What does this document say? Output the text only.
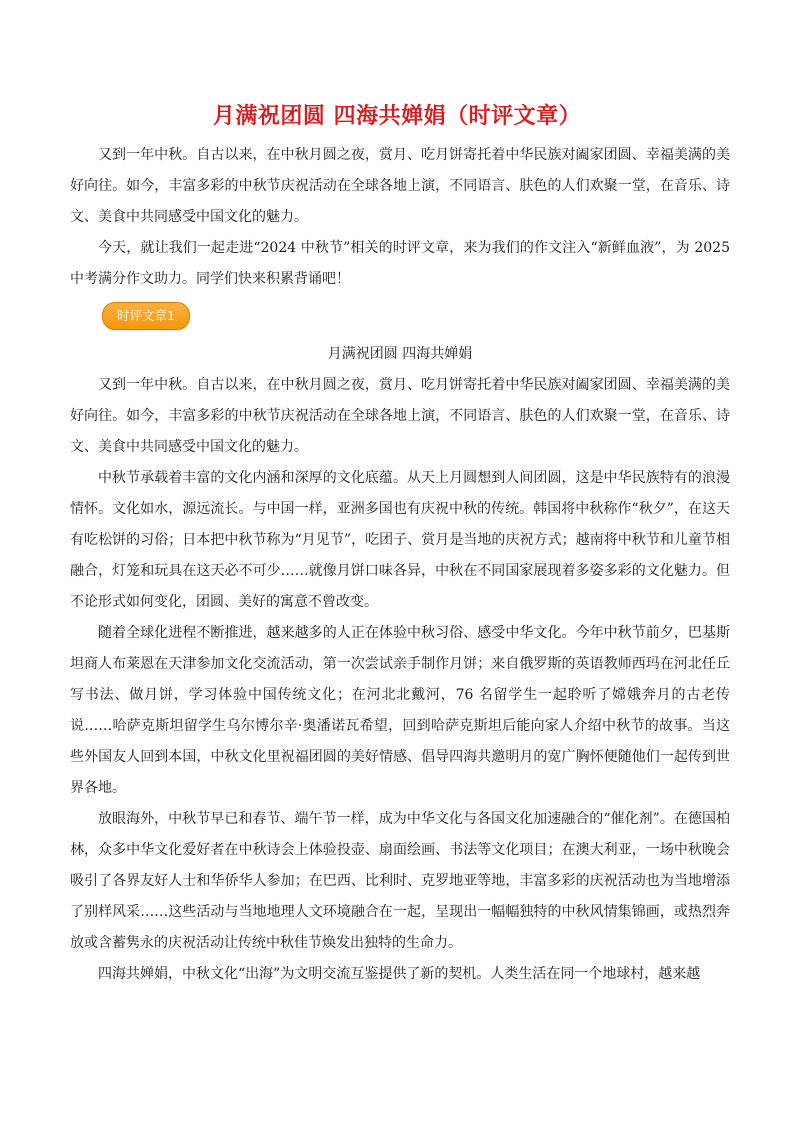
月满祝团圆 四海共婵娟（时评文章）

又到一年中秋。自古以来，在中秋月圆之夜，赏月、吃月饼寄托着中华民族对阖家团圆、幸福美满的美好向往。如今，丰富多彩的中秋节庆祝活动在全球各地上演，不同语言、肤色的人们欢聚一堂，在音乐、诗文、美食中共同感受中国文化的魅力。

今天，就让我们一起走进“2024 中秋节”相关的时评文章，来为我们的作文注入“新鲜血液”，为 2025 中考满分作文助力。同学们快来积累背诵吧！

时评文章1

月满祝团圆 四海共婵娟

又到一年中秋。自古以来，在中秋月圆之夜，赏月、吃月饼寄托着中华民族对阖家团圆、幸福美满的美好向往。如今，丰富多彩的中秋节庆祝活动在全球各地上演，不同语言、肤色的人们欢聚一堂，在音乐、诗文、美食中共同感受中国文化的魅力。

中秋节承载着丰富的文化内涵和深厚的文化底蕴。从天上月圆想到人间团圆，这是中华民族特有的浪漫情怀。文化如水，源远流长。与中国一样，亚洲多国也有庆祝中秋的传统。韩国将中秋称作“秋夕”，在这天有吃松饼的习俗；日本把中秋节称为“月见节”，吃团子、赏月是当地的庆祝方式；越南将中秋节和儿童节相融合，灯笼和玩具在这天必不可少……就像月饼口味各异，中秋在不同国家展现着多姿多彩的文化魅力。但不论形式如何变化，团圆、美好的寓意不曾改变。

随着全球化进程不断推进，越来越多的人正在体验中秋习俗、感受中华文化。今年中秋节前夕，巴基斯坦商人布莱恩在天津参加文化交流活动，第一次尝试亲手制作月饼；来自俄罗斯的英语教师西玛在河北任丘写书法、做月饼，学习体验中国传统文化；在河北北戴河，76 名留学生一起聆听了嫦娥奔月的古老传说……哈萨克斯坦留学生乌尔博尔辛·奥潘诺瓦希望，回到哈萨克斯坦后能向家人介绍中秋节的故事。当这些外国友人回到本国，中秋文化里祝福团圆的美好情感、倡导四海共邀明月的宽广胸怀便随他们一起传到世界各地。

放眼海外，中秋节早已和春节、端午节一样，成为中华文化与各国文化加速融合的“催化剂”。在德国柏林，众多中华文化爱好者在中秋诗会上体验投壶、扇面绘画、书法等文化项目；在澳大利亚，一场中秋晚会吸引了各界友好人士和华侨华人参加；在巴西、比利时、克罗地亚等地，丰富多彩的庆祝活动也为当地增添了别样风采……这些活动与当地地理人文环境融合在一起，呈现出一幅幅独特的中秋风情集锦画，或热烈奔放或含蓄隽永的庆祝活动让传统中秋佳节焕发出独特的生命力。

四海共婵娟，中秋文化“出海”为文明交流互鉴提供了新的契机。人类生活在同一个地球村，越来越
